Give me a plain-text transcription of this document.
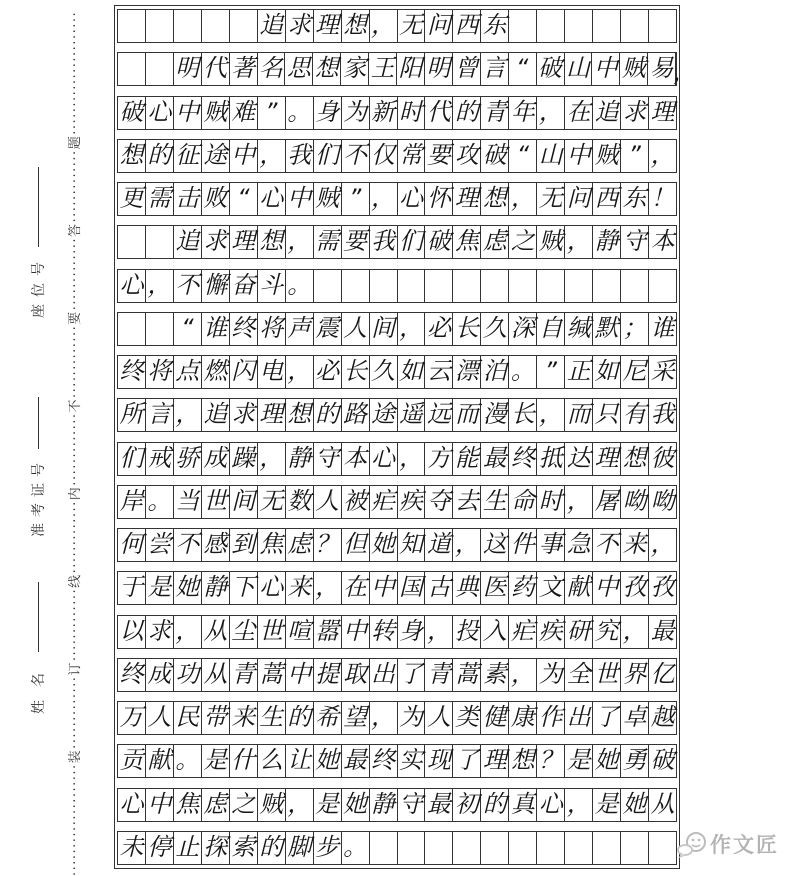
座位号
准考证号
姓名 ····················装·············订·············线·············内·············不·············要·············答·············题······················	追 求 理 想 ， 无 问 西 东
明 代 著 名 思 想 家 王 阳 明 曾 言 “ 破 山 中 贼 易 ，
破 心 中 贼 难 ” 。 身 为 新 时 代 的 青 年 ， 在 追 求 理
想 的 征 途 中 ， 我 们 不 仅 常 要 攻 破 “ 山 中 贼 ” ，
更 需 击 败 “ 心 中 贼 ” ， 心 怀 理 想 ， 无 问 西 东 ！
追 求 理 想 ， 需 要 我 们 破 焦 虑 之 贼 ， 静 守 本
心 ， 不 懈 奋 斗 。
“ 谁 终 将 声 震 人 间 ， 必 长 久 深 自 缄 默 ； 谁
终 将 点 燃 闪 电 ， 必 长 久 如 云 漂 泊 。 ” 正 如 尼 采
所 言 ， 追 求 理 想 的 路 途 遥 远 而 漫 长 ， 而 只 有 我
们 戒 骄 成 躁 ， 静 守 本 心 ， 方 能 最 终 抵 达 理 想 彼
岸 。 当 世 间 无 数 人 被 疟 疾 夺 去 生 命 时 ， 屠 呦 呦
何 尝 不 感 到 焦 虑 ？ 但 她 知 道 ， 这 件 事 急 不 来 ，
于 是 她 静 下 心 来 ， 在 中 国 古 典 医 药 文 献 中 孜 孜
以 求 ， 从 尘 世 喧 嚣 中 转 身 ， 投 入 疟 疾 研 究 ， 最
终 成 功 从 青 蒿 中 提 取 出 了 青 蒿 素 ， 为 全 世 界 亿
万 人 民 带 来 生 的 希 望 ， 为 人 类 健 康 作 出 了 卓 越
贡 献 。 是 什 么 让 她 最 终 实 现 了 理 想 ？ 是 她 勇 破
心 中 焦 虑 之 贼 ， 是 她 静 守 最 初 的 真 心 ， 是 她 从
未 停 止 探 索 的 脚 步 。	作文匠
